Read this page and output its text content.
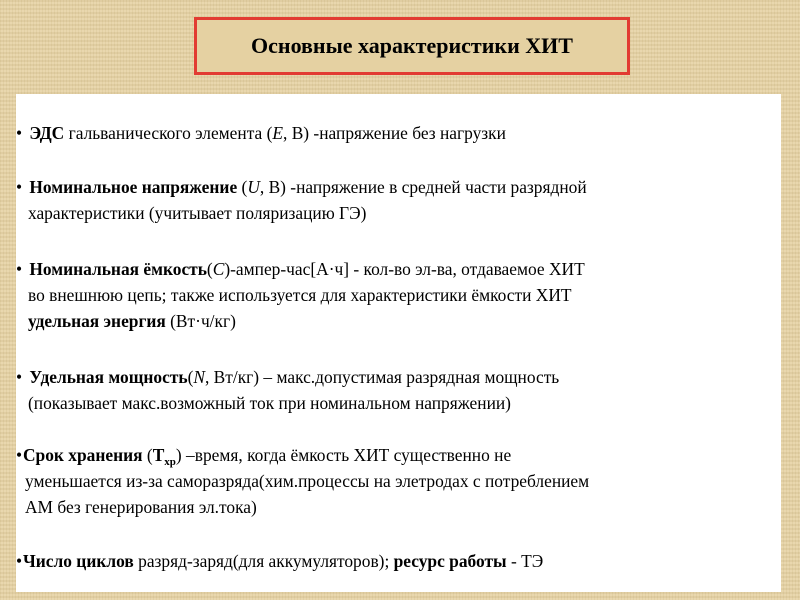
Основные характеристики ХИТ
• ЭДС гальванического элемента (E, В) -напряжение без нагрузки
• Номинальное напряжение (U, В) -напряжение в средней части разрядной
характеристики (учитывает поляризацию ГЭ)
• Номинальная ёмкость(C)-ампер-час[А·ч] - кол-во эл-ва, отдаваемое ХИТ
во внешнюю цепь; также используется для характеристики ёмкости ХИТ
удельная энергия (Вт·ч/кг)
• Удельная мощность(N, Вт/кг) – макс.допустимая разрядная мощность
(показывает макс.возможный ток при номинальном напряжении)
•Срок хранения $(Т_{хр})$ –время, когда ёмкость ХИТ существенно не
уменьшается из-за саморазряда(хим.процессы на элетродах с потреблением
АМ без генерирования эл.тока)
•Число циклов разряд-заряд(для аккумуляторов); ресурс работы - ТЭ
